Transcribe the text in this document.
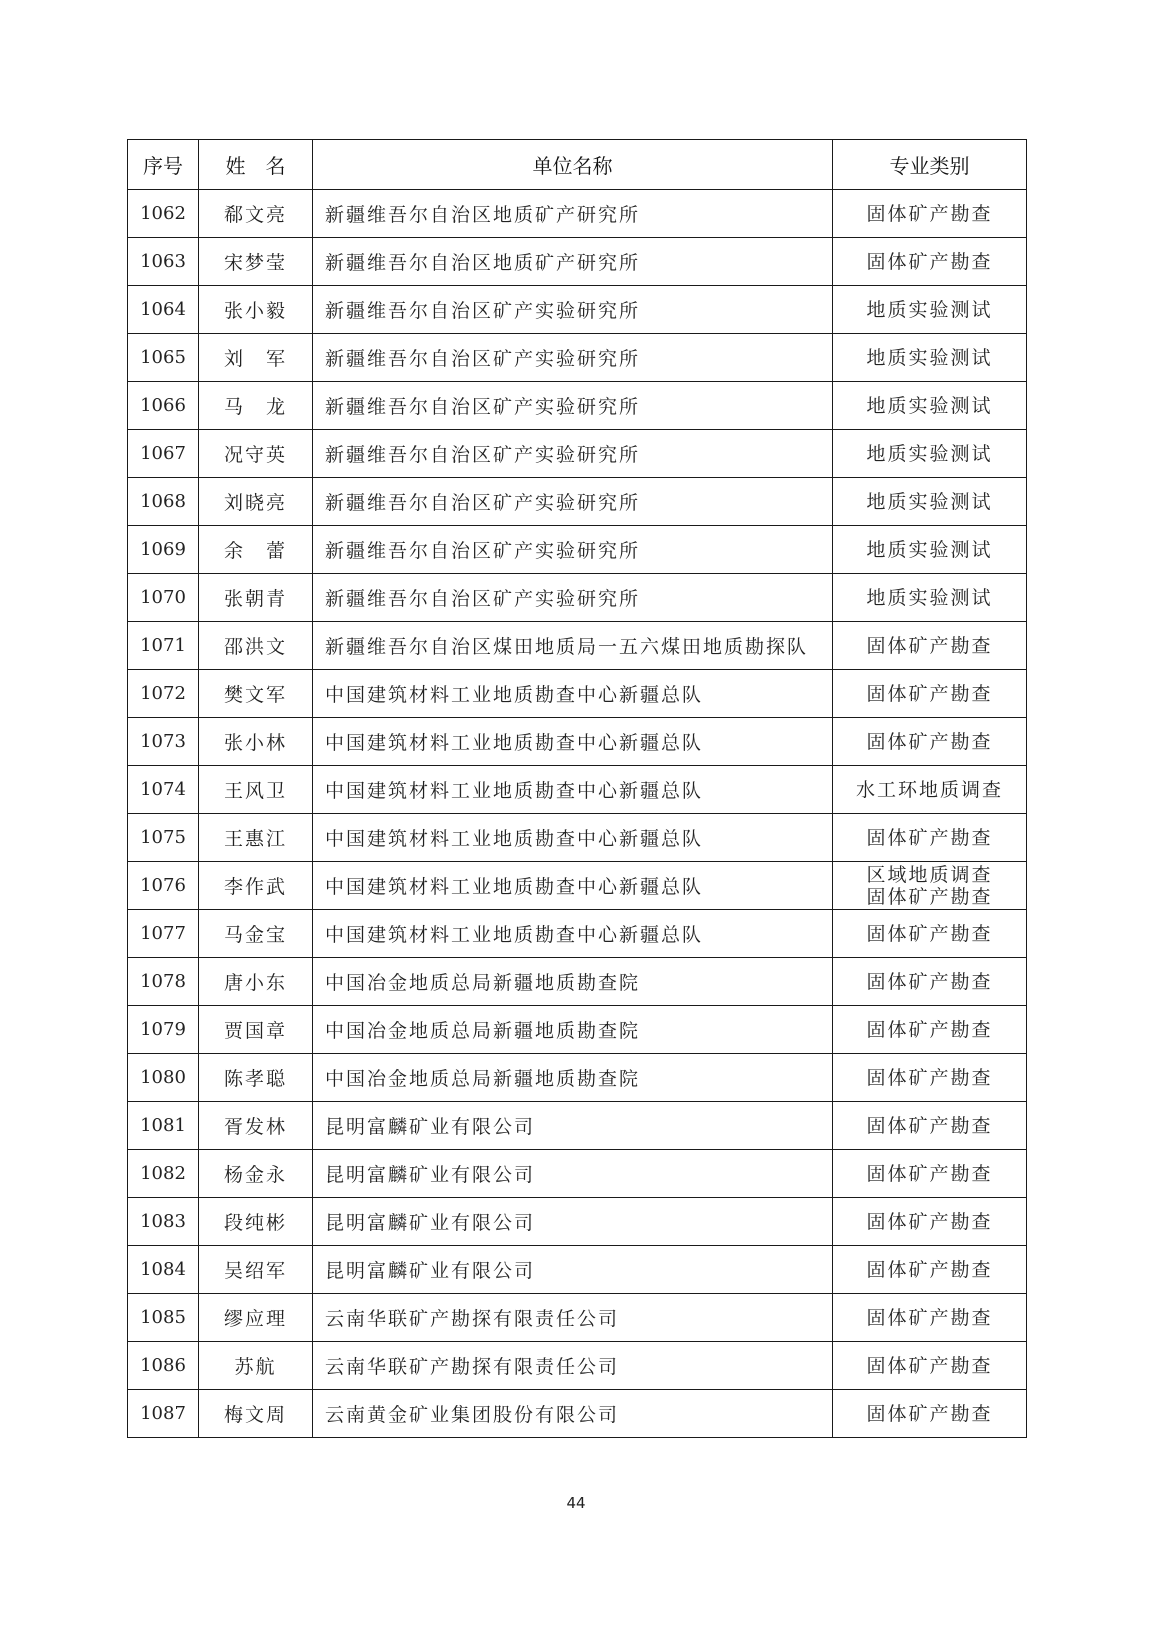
序号	姓　名	单位名称	专业类别
1062	郗文亮	新疆维吾尔自治区地质矿产研究所	固体矿产勘查

1063	宋梦莹	新疆维吾尔自治区地质矿产研究所	固体矿产勘查

1064	张小毅	新疆维吾尔自治区矿产实验研究所	地质实验测试

1065	刘　军	新疆维吾尔自治区矿产实验研究所	地质实验测试

1066	马　龙	新疆维吾尔自治区矿产实验研究所	地质实验测试

1067	况守英	新疆维吾尔自治区矿产实验研究所	地质实验测试

1068	刘晓亮	新疆维吾尔自治区矿产实验研究所	地质实验测试

1069	余　蕾	新疆维吾尔自治区矿产实验研究所	地质实验测试

1070	张朝青	新疆维吾尔自治区矿产实验研究所	地质实验测试

1071	邵洪文	新疆维吾尔自治区煤田地质局一五六煤田地质勘探队	固体矿产勘查

1072	樊文军	中国建筑材料工业地质勘查中心新疆总队	固体矿产勘查

1073	张小林	中国建筑材料工业地质勘查中心新疆总队	固体矿产勘查

1074	王风卫	中国建筑材料工业地质勘查中心新疆总队	水工环地质调查

1075	王惠江	中国建筑材料工业地质勘查中心新疆总队	固体矿产勘查

1076	李作武	中国建筑材料工业地质勘查中心新疆总队	区域地质调查
固体矿产勘查

1077	马金宝	中国建筑材料工业地质勘查中心新疆总队	固体矿产勘查

1078	唐小东	中国冶金地质总局新疆地质勘查院	固体矿产勘查

1079	贾国章	中国冶金地质总局新疆地质勘查院	固体矿产勘查

1080	陈孝聪	中国冶金地质总局新疆地质勘查院	固体矿产勘查

1081	胥发林	昆明富麟矿业有限公司	固体矿产勘查

1082	杨金永	昆明富麟矿业有限公司	固体矿产勘查

1083	段纯彬	昆明富麟矿业有限公司	固体矿产勘查

1084	吴绍军	昆明富麟矿业有限公司	固体矿产勘查

1085	缪应理	云南华联矿产勘探有限责任公司	固体矿产勘查

1086	苏航	云南华联矿产勘探有限责任公司	固体矿产勘查

1087	梅文周	云南黄金矿业集团股份有限公司	固体矿产勘查
44
